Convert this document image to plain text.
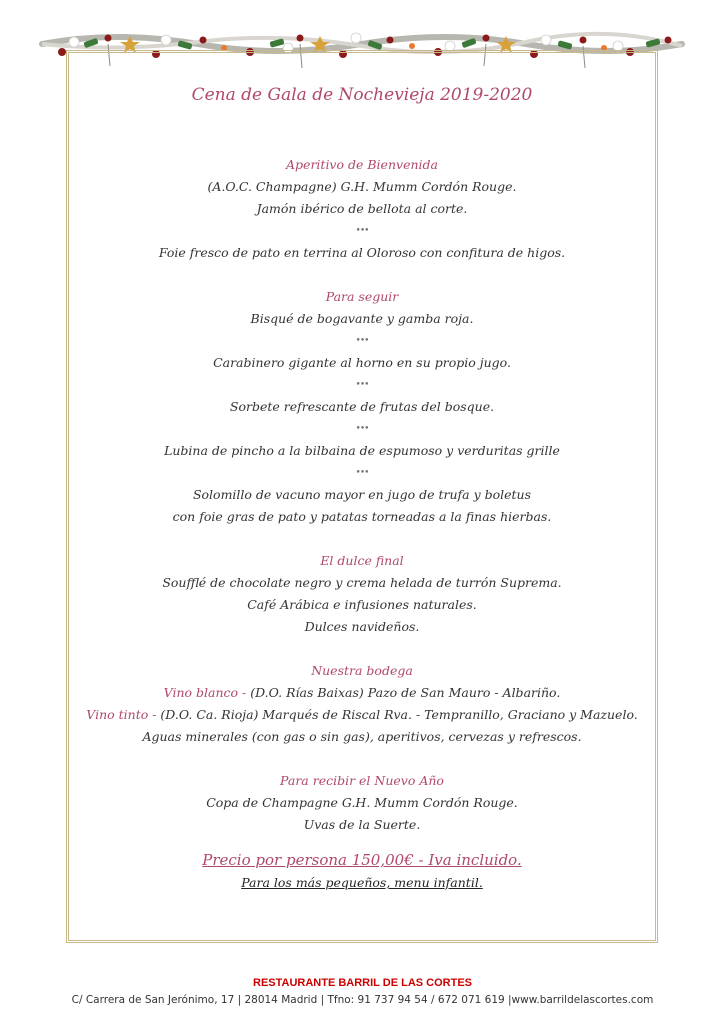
Cena de Gala de Nochevieja 2019-2020

Aperitivo de Bienvenida

(A.O.C. Champagne) G.H. Mumm Cordón Rouge.

Jamón ibérico de bellota al corte.

•••

Foie fresco de pato en terrina al Oloroso con confitura de higos.

Para seguir

Bisqué de bogavante y gamba roja.

•••

Carabinero gigante al horno en su propio jugo.

•••

Sorbete refrescante de frutas del bosque.

•••

Lubina de pincho a la bilbaina de espumoso y verduritas grille

•••

Solomillo de vacuno mayor en jugo de trufa y boletus

con foie gras de pato y patatas torneadas a la finas hierbas.

El dulce final

Soufflé de chocolate negro y crema helada de turrón Suprema.

Café Arábica e infusiones naturales.

Dulces navideños.

Nuestra bodega

Vino blanco - (D.O. Rías Baixas) Pazo de San Mauro - Albariño.

Vino tinto - (D.O. Ca. Rioja) Marqués de Riscal Rva. - Tempranillo, Graciano y Mazuelo.

Aguas minerales (con gas o sin gas), aperitivos, cervezas y refrescos.

Para recibir el Nuevo Año

Copa de Champagne G.H. Mumm Cordón Rouge.

Uvas de la Suerte.

Precio por persona 150,00€ - Iva incluido.

Para los más pequeños, menu infantil.

RESTAURANTE BARRIL DE LAS CORTES

C/ Carrera de San Jerónimo, 17 | 28014 Madrid | Tfno: 91 737 94 54 / 672 071 619 |www.barrildelascortes.com
